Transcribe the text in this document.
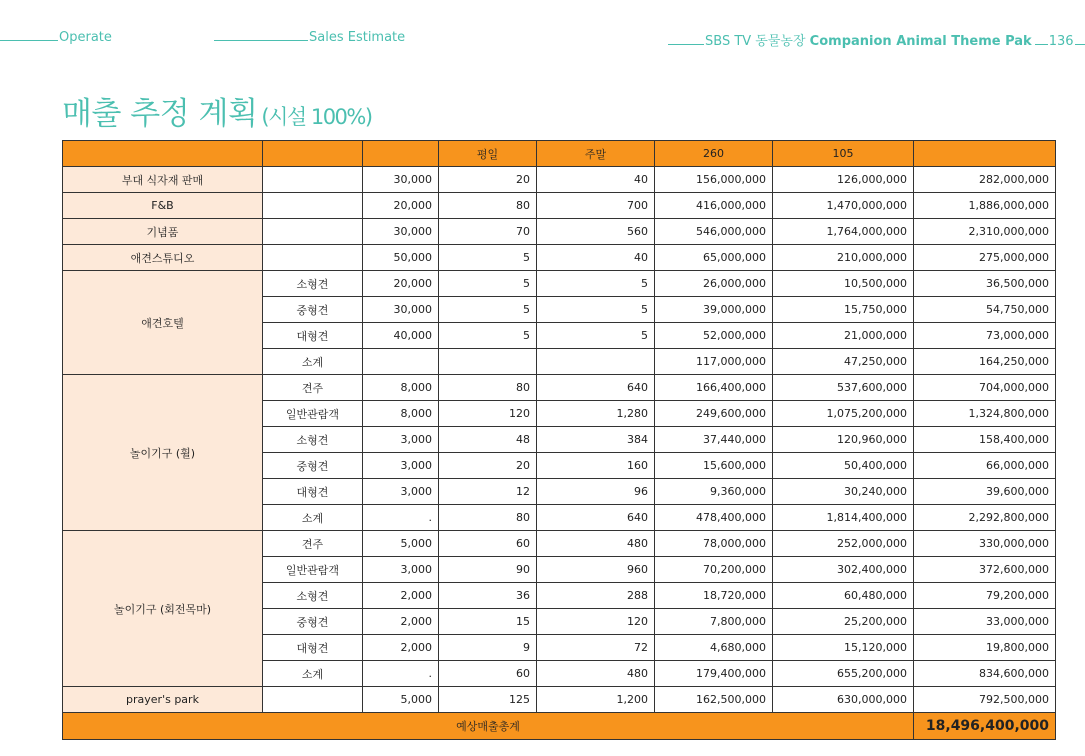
Operate	Sales Estimate	SBS TV 동물농장 Companion Animal Theme Pak 136
매출 추정 계획 (시설 100%)
			평일	주말	260	105	
부대 식자재 판매		30,000	20	40	156,000,000	126,000,000	282,000,000
F&B		20,000	80	700	416,000,000	1,470,000,000	1,886,000,000
기념품		30,000	70	560	546,000,000	1,764,000,000	2,310,000,000
애견스튜디오		50,000	5	40	65,000,000	210,000,000	275,000,000
애견호텔	소형견	20,000	5	5	26,000,000	10,500,000	36,500,000
	중형견	30,000	5	5	39,000,000	15,750,000	54,750,000
	대형견	40,000	5	5	52,000,000	21,000,000	73,000,000
	소계				117,000,000	47,250,000	164,250,000
놀이기구 (휠)	견주	8,000	80	640	166,400,000	537,600,000	704,000,000
	일반관람객	8,000	120	1,280	249,600,000	1,075,200,000	1,324,800,000
	소형견	3,000	48	384	37,440,000	120,960,000	158,400,000
	중형견	3,000	20	160	15,600,000	50,400,000	66,000,000
	대형견	3,000	12	96	9,360,000	30,240,000	39,600,000
	소계	.	80	640	478,400,000	1,814,400,000	2,292,800,000
놀이기구 (회전목마)	견주	5,000	60	480	78,000,000	252,000,000	330,000,000
	일반관람객	3,000	90	960	70,200,000	302,400,000	372,600,000
	소형견	2,000	36	288	18,720,000	60,480,000	79,200,000
	중형견	2,000	15	120	7,800,000	25,200,000	33,000,000
	대형견	2,000	9	72	4,680,000	15,120,000	19,800,000
	소계	.	60	480	179,400,000	655,200,000	834,600,000
prayer's park		5,000	125	1,200	162,500,000	630,000,000	792,500,000
예상매출총계							18,496,400,000
